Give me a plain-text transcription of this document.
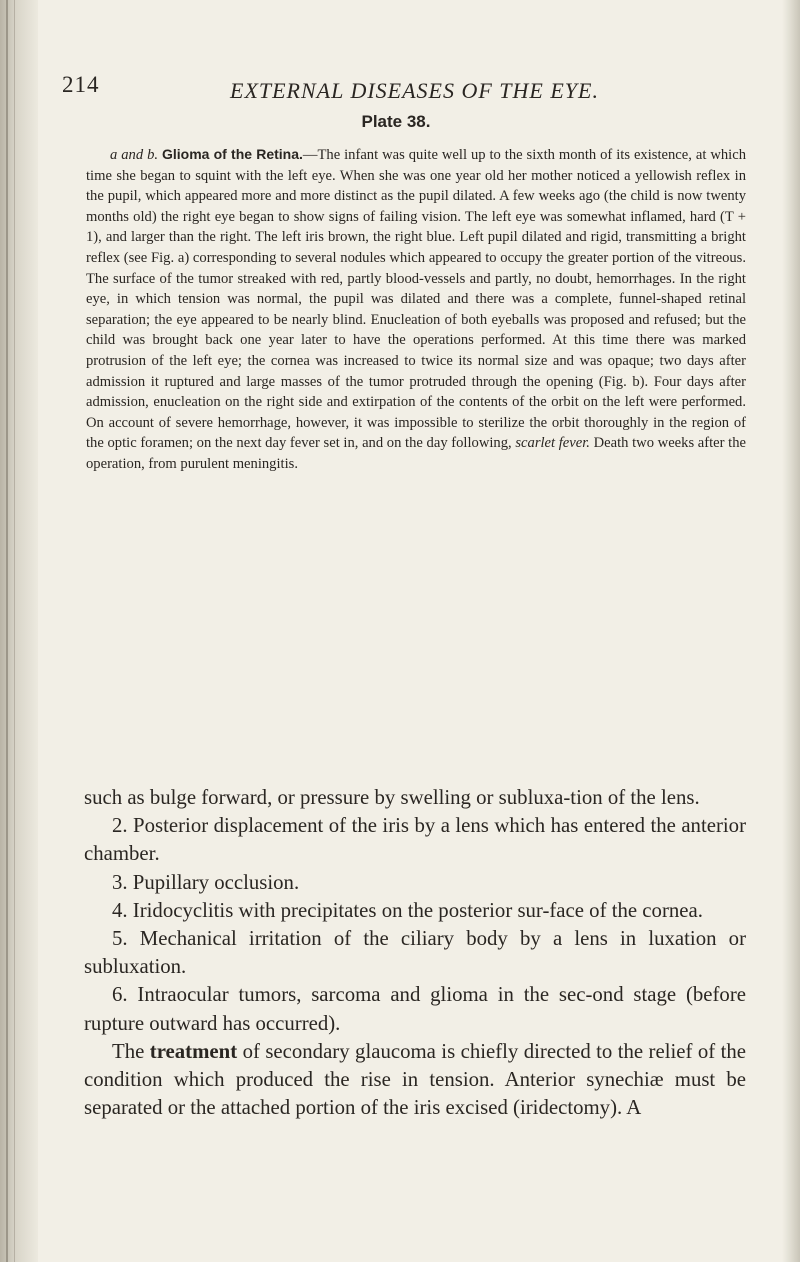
214	EXTERNAL DISEASES OF THE EYE.
Plate 38.

a and b. Glioma of the Retina.—The infant was quite well up to the sixth month of its existence, at which time she began to squint with the left eye. When she was one year old her mother noticed a yellowish reflex in the pupil, which appeared more and more distinct as the pupil dilated. A few weeks ago (the child is now twenty months old) the right eye began to show signs of failing vision. The left eye was somewhat inflamed, hard (T + 1), and larger than the right. The left iris brown, the right blue. Left pupil dilated and rigid, transmitting a bright reflex (see Fig. a) corresponding to several nodules which appeared to occupy the greater portion of the vitreous. The surface of the tumor streaked with red, partly blood-vessels and partly, no doubt, hemorrhages. In the right eye, in which tension was normal, the pupil was dilated and there was a complete, funnel-shaped retinal separation; the eye appeared to be nearly blind. Enucleation of both eyeballs was proposed and refused; but the child was brought back one year later to have the operations performed. At this time there was marked protrusion of the left eye; the cornea was increased to twice its normal size and was opaque; two days after admission it ruptured and large masses of the tumor protruded through the opening (Fig. b). Four days after admission, enucleation on the right side and extirpation of the contents of the orbit on the left were performed. On account of severe hemorrhage, however, it was impossible to sterilize the orbit thoroughly in the region of the optic foramen; on the next day fever set in, and on the day following, scarlet fever. Death two weeks after the operation, from purulent meningitis.

such as bulge forward, or pressure by swelling or subluxa-tion of the lens.

2. Posterior displacement of the iris by a lens which has entered the anterior chamber.

3. Pupillary occlusion.

4. Iridocyclitis with precipitates on the posterior sur-face of the cornea.

5. Mechanical irritation of the ciliary body by a lens in luxation or subluxation.

6. Intraocular tumors, sarcoma and glioma in the sec-ond stage (before rupture outward has occurred).

The treatment of secondary glaucoma is chiefly directed to the relief of the condition which produced the rise in tension. Anterior synechiæ must be separated or the attached portion of the iris excised (iridectomy). A
